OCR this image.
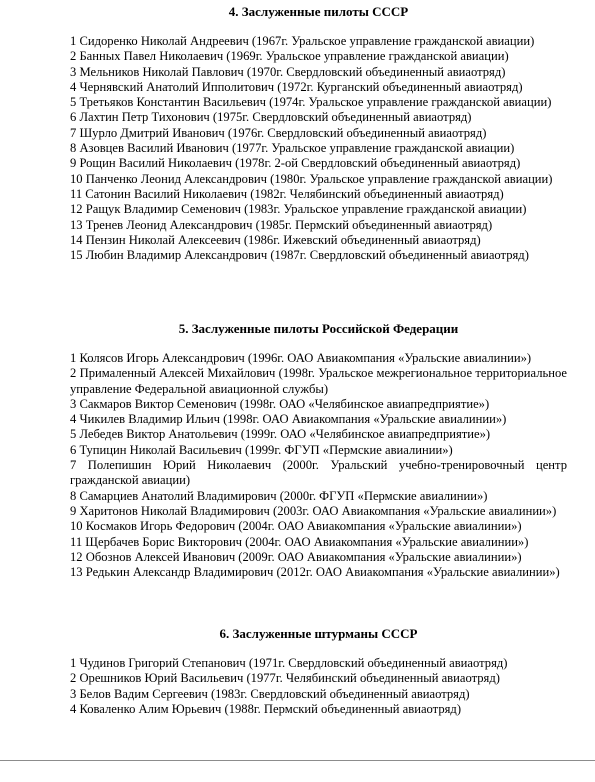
4. Заслуженные пилоты СССР
1 Сидоренко Николай Андреевич (1967г. Уральское управление гражданской авиации)
2 Банных Павел Николаевич (1969г. Уральское управление гражданской авиации)
3 Мельников Николай Павлович (1970г. Свердловский объединенный авиаотряд)
4 Чернявский Анатолий Ипполитович (1972г. Курганский объединенный авиаотряд)
5 Третьяков Константин Васильевич (1974г. Уральское управление гражданской авиации)
6 Лахтин Петр Тихонович (1975г. Свердловский объединенный авиаотряд)
7 Шурло Дмитрий Иванович (1976г. Свердловский объединенный авиаотряд)
8 Азовцев Василий Иванович (1977г. Уральское управление гражданской авиации)
9 Рощин Василий Николаевич (1978г. 2-ой Свердловский объединенный авиаотряд)
10 Панченко Леонид Александрович (1980г. Уральское управление гражданской авиации)
11 Сатонин Василий Николаевич (1982г. Челябинский объединенный авиаотряд)
12 Ращук Владимир Семенович (1983г. Уральское управление гражданской авиации)
13 Тренев Леонид Александрович (1985г. Пермский объединенный авиаотряд)
14 Пензин Николай Алексеевич (1986г. Ижевский объединенный авиаотряд)
15 Любин Владимир Александрович (1987г. Свердловский объединенный авиаотряд)
5. Заслуженные пилоты Российской Федерации
1 Колясов Игорь Александрович (1996г. ОАО Авиакомпания «Уральские авиалинии»)
2 Прималенный Алексей Михайлович (1998г. Уральское межрегиональное территориальное управление Федеральной авиационной службы)
3 Сакмаров Виктор Семенович (1998г. ОАО «Челябинское авиапредприятие»)
4 Чикилев Владимир Ильич (1998г. ОАО Авиакомпания «Уральские авиалинии»)
5 Лебедев Виктор Анатольевич (1999г. ОАО «Челябинское авиапредприятие»)
6 Тупицин Николай Васильевич (1999г. ФГУП «Пермские авиалинии»)
7 Полепишин Юрий Николаевич (2000г. Уральский учебно-тренировочный центр гражданской авиации)
8 Самарциев Анатолий Владимирович (2000г. ФГУП «Пермские авиалинии»)
9 Харитонов Николай Владимирович (2003г. ОАО Авиакомпания «Уральские авиалинии»)
10 Космаков Игорь Федорович (2004г. ОАО Авиакомпания «Уральские авиалинии»)
11 Щербачев Борис Викторович (2004г. ОАО Авиакомпания «Уральские авиалинии»)
12 Обознов Алексей Иванович (2009г. ОАО Авиакомпания «Уральские авиалинии»)
13 Редькин Александр Владимирович (2012г. ОАО Авиакомпания «Уральские авиалинии»)
6. Заслуженные штурманы СССР
1 Чудинов Григорий Степанович (1971г. Свердловский объединенный авиаотряд)
2 Орешников Юрий Васильевич (1977г. Челябинский объединенный авиаотряд)
3 Белов Вадим Сергеевич (1983г. Свердловский объединенный авиаотряд)
4 Коваленко Алим Юрьевич (1988г. Пермский объединенный авиаотряд)
